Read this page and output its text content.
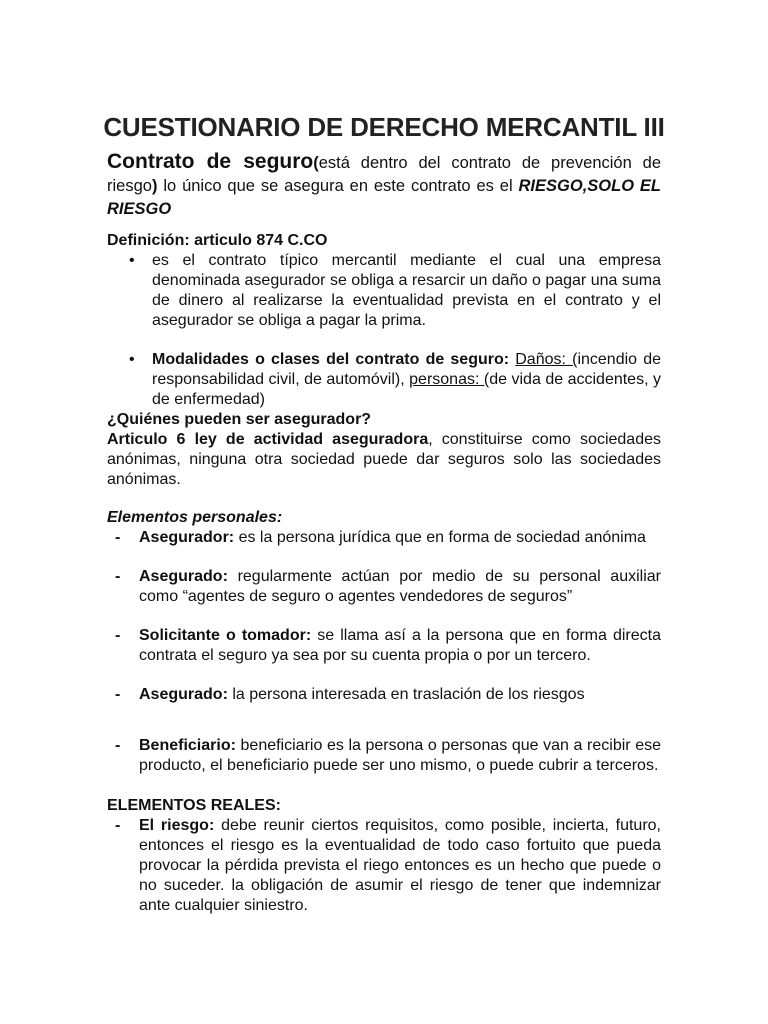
CUESTIONARIO DE DERECHO MERCANTIL III

Contrato de seguro(está dentro del contrato de prevención de riesgo) lo único que se asegura en este contrato es el RIESGO,SOLO EL RIESGO

Definición: articulo 874 C.CO
• es el contrato típico mercantil mediante el cual una empresa denominada asegurador se obliga a resarcir un daño o pagar una suma de dinero al realizarse la eventualidad prevista en el contrato y el asegurador se obliga a pagar la prima.
• Modalidades o clases del contrato de seguro: Daños: (incendio de responsabilidad civil, de automóvil), personas: (de vida de accidentes, y de enfermedad)
¿Quiénes pueden ser asegurador?

Articulo 6 ley de actividad aseguradora, constituirse como sociedades anónimas, ninguna otra sociedad puede dar seguros solo las sociedades anónimas.

Elementos personales:
- Asegurador: es la persona jurídica que en forma de sociedad anónima
- Asegurado: regularmente actúan por medio de su personal auxiliar como “agentes de seguro o agentes vendedores de seguros”
- Solicitante o tomador: se llama así a la persona que en forma directa contrata el seguro ya sea por su cuenta propia o por un tercero.
- Asegurado: la persona interesada en traslación de los riesgos
- Beneficiario: beneficiario es la persona o personas que van a recibir ese producto, el beneficiario puede ser uno mismo, o puede cubrir a terceros.
ELEMENTOS REALES:
- El riesgo: debe reunir ciertos requisitos, como posible, incierta, futuro, entonces el riesgo es la eventualidad de todo caso fortuito que pueda provocar la pérdida prevista el riego entonces es un hecho que puede o no suceder. la obligación de asumir el riesgo de tener que indemnizar ante cualquier siniestro.
